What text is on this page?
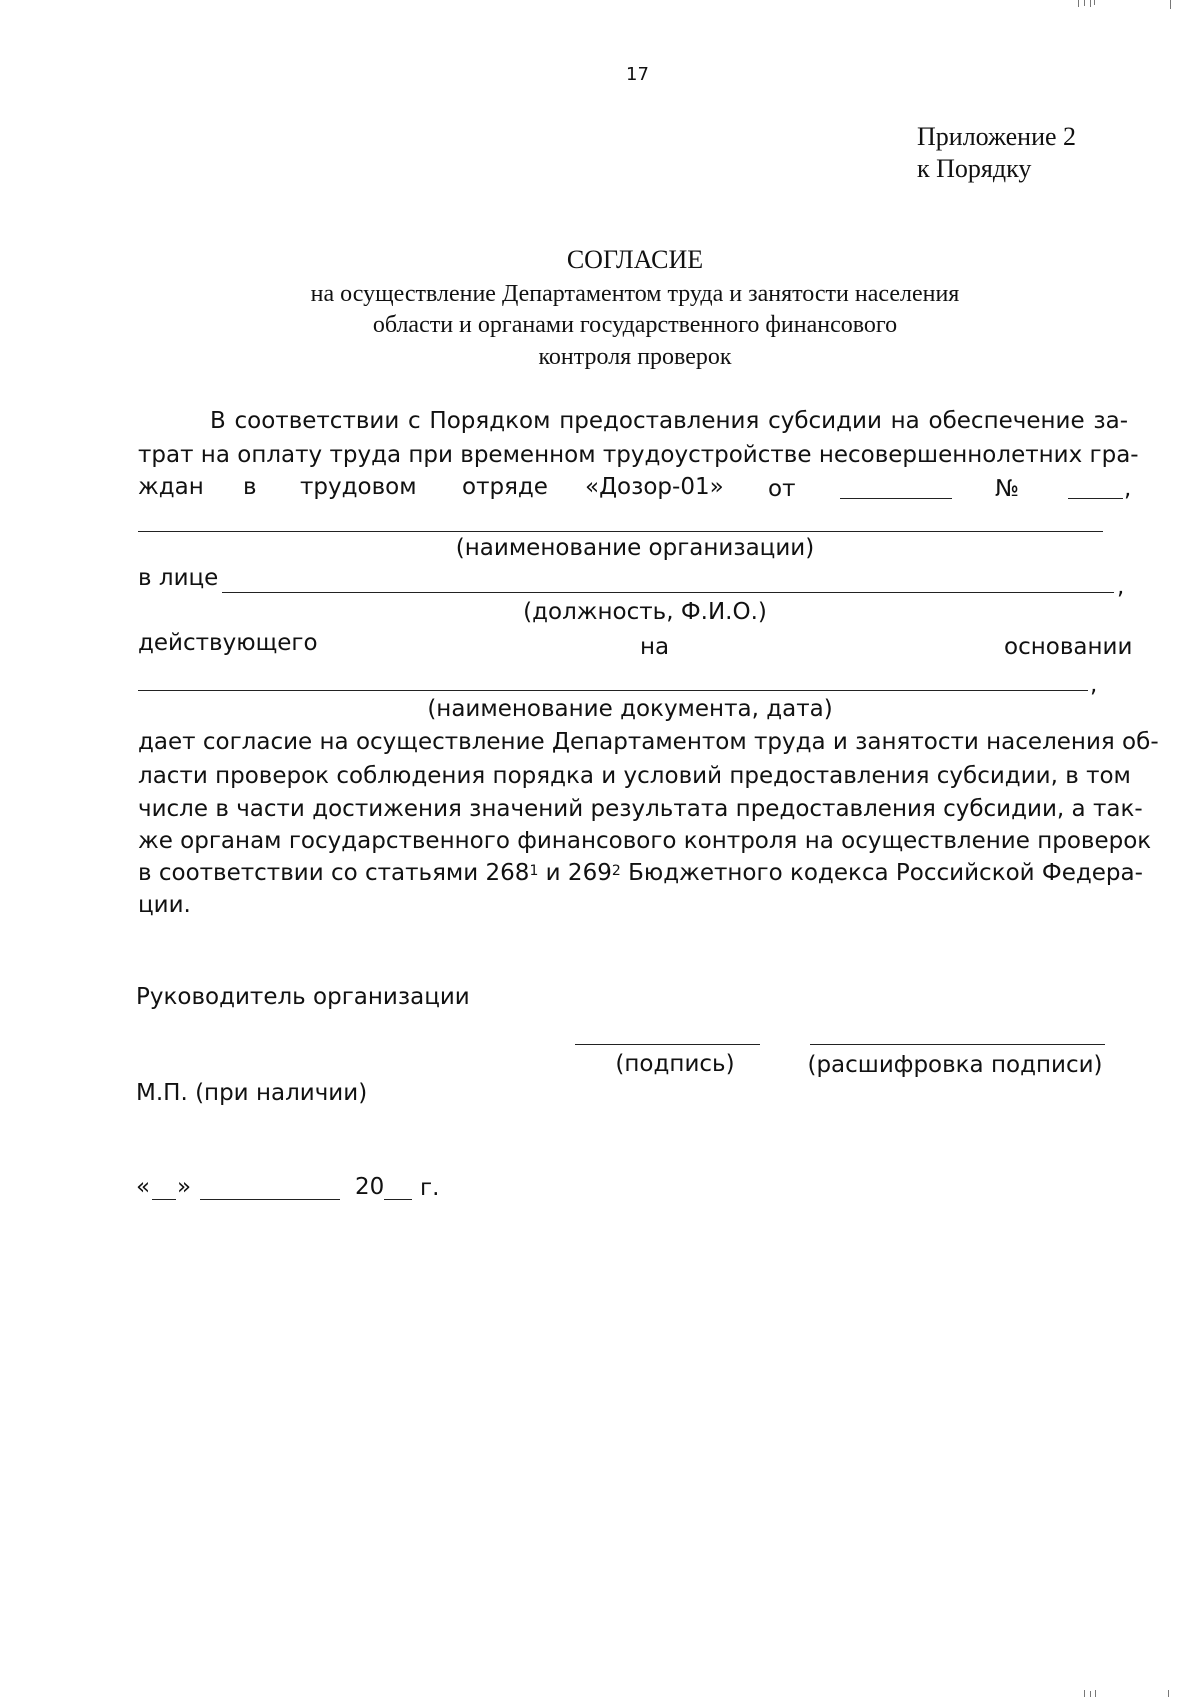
17
Приложение 2
к Порядку
СОГЛАСИЕ
на осуществление Департаментом труда и занятости населения
области и органами государственного финансового
контроля проверок
В соответствии с Порядком предоставления субсидии на обеспечение за-
трат на оплату труда при временном трудоустройстве несовершеннолетних гра-
ждан в трудовом отряде «Дозор-01» от	№	,
(наименование организации)
в лице	,
(должность, Ф.И.О.)
действующего	на	основании
,
(наименование документа, дата)
дает согласие на осуществление Департаментом труда и занятости населения об-
ласти проверок соблюдения порядка и условий предоставления субсидии, в том
числе в части достижения значений результата предоставления субсидии, а так-
же органам государственного финансового контроля на осуществление проверок
в соответствии со статьями $268^1$ и $269^2$ Бюджетного кодекса Российской Федера-
ции.
Руководитель организации
(подпись)	(расшифровка подписи)
М.П. (при наличии)
« »	20 г.
